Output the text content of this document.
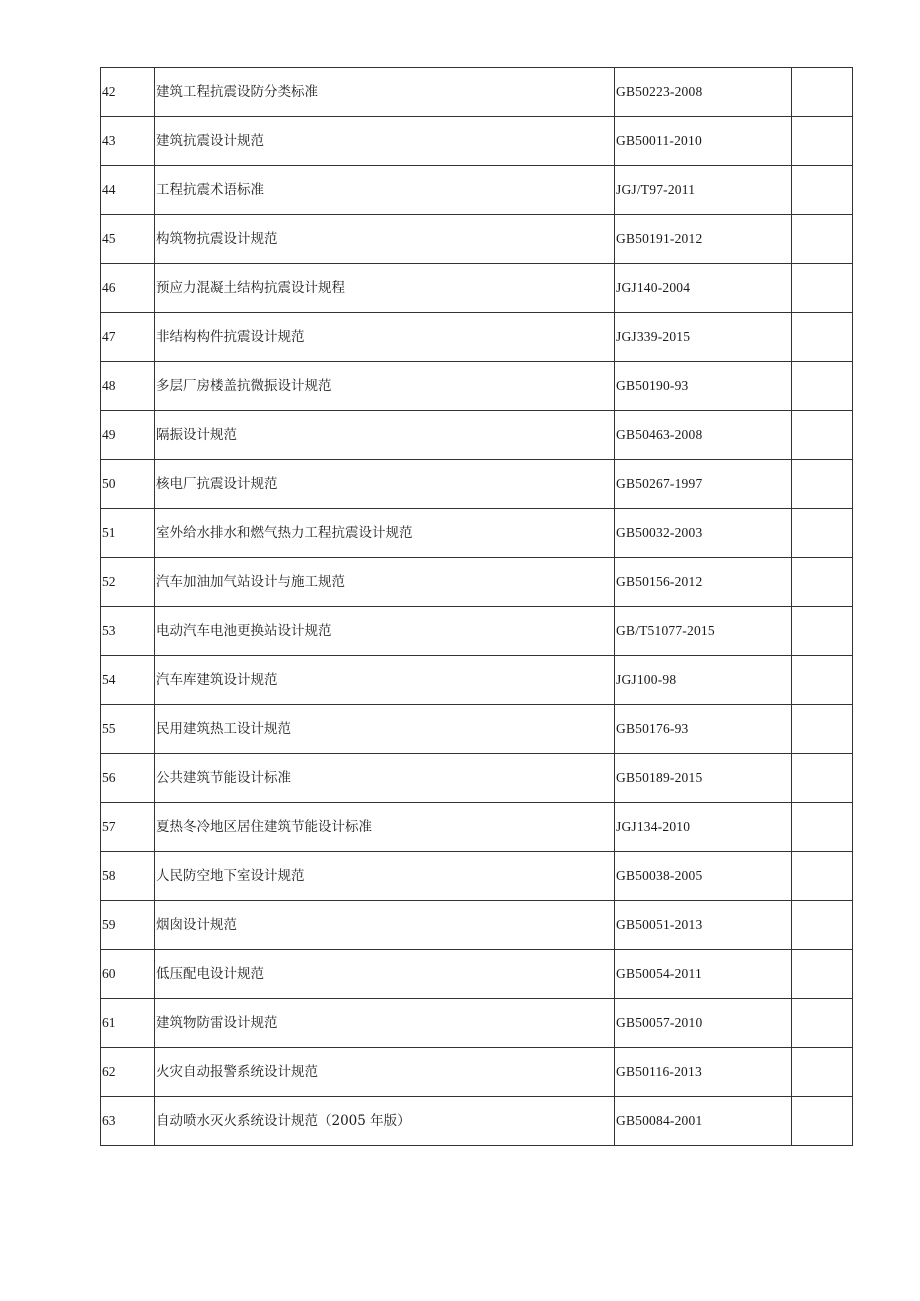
42	建筑工程抗震设防分类标准	GB50223-2008	
43	建筑抗震设计规范	GB50011-2010	
44	工程抗震术语标准	JGJ/T97-2011	
45	构筑物抗震设计规范	GB50191-2012	
46	预应力混凝土结构抗震设计规程	JGJ140-2004	
47	非结构构件抗震设计规范	JGJ339-2015	
48	多层厂房楼盖抗微振设计规范	GB50190-93	
49	隔振设计规范	GB50463-2008	
50	核电厂抗震设计规范	GB50267-1997	
51	室外给水排水和燃气热力工程抗震设计规范	GB50032-2003	
52	汽车加油加气站设计与施工规范	GB50156-2012	
53	电动汽车电池更换站设计规范	GB/T51077-2015	
54	汽车库建筑设计规范	JGJ100-98	
55	民用建筑热工设计规范	GB50176-93	
56	公共建筑节能设计标准	GB50189-2015	
57	夏热冬冷地区居住建筑节能设计标准	JGJ134-2010	
58	人民防空地下室设计规范	GB50038-2005	
59	烟囱设计规范	GB50051-2013	
60	低压配电设计规范	GB50054-2011	
61	建筑物防雷设计规范	GB50057-2010	
62	火灾自动报警系统设计规范	GB50116-2013	
63	自动喷水灭火系统设计规范（2005 年版）	GB50084-2001	
